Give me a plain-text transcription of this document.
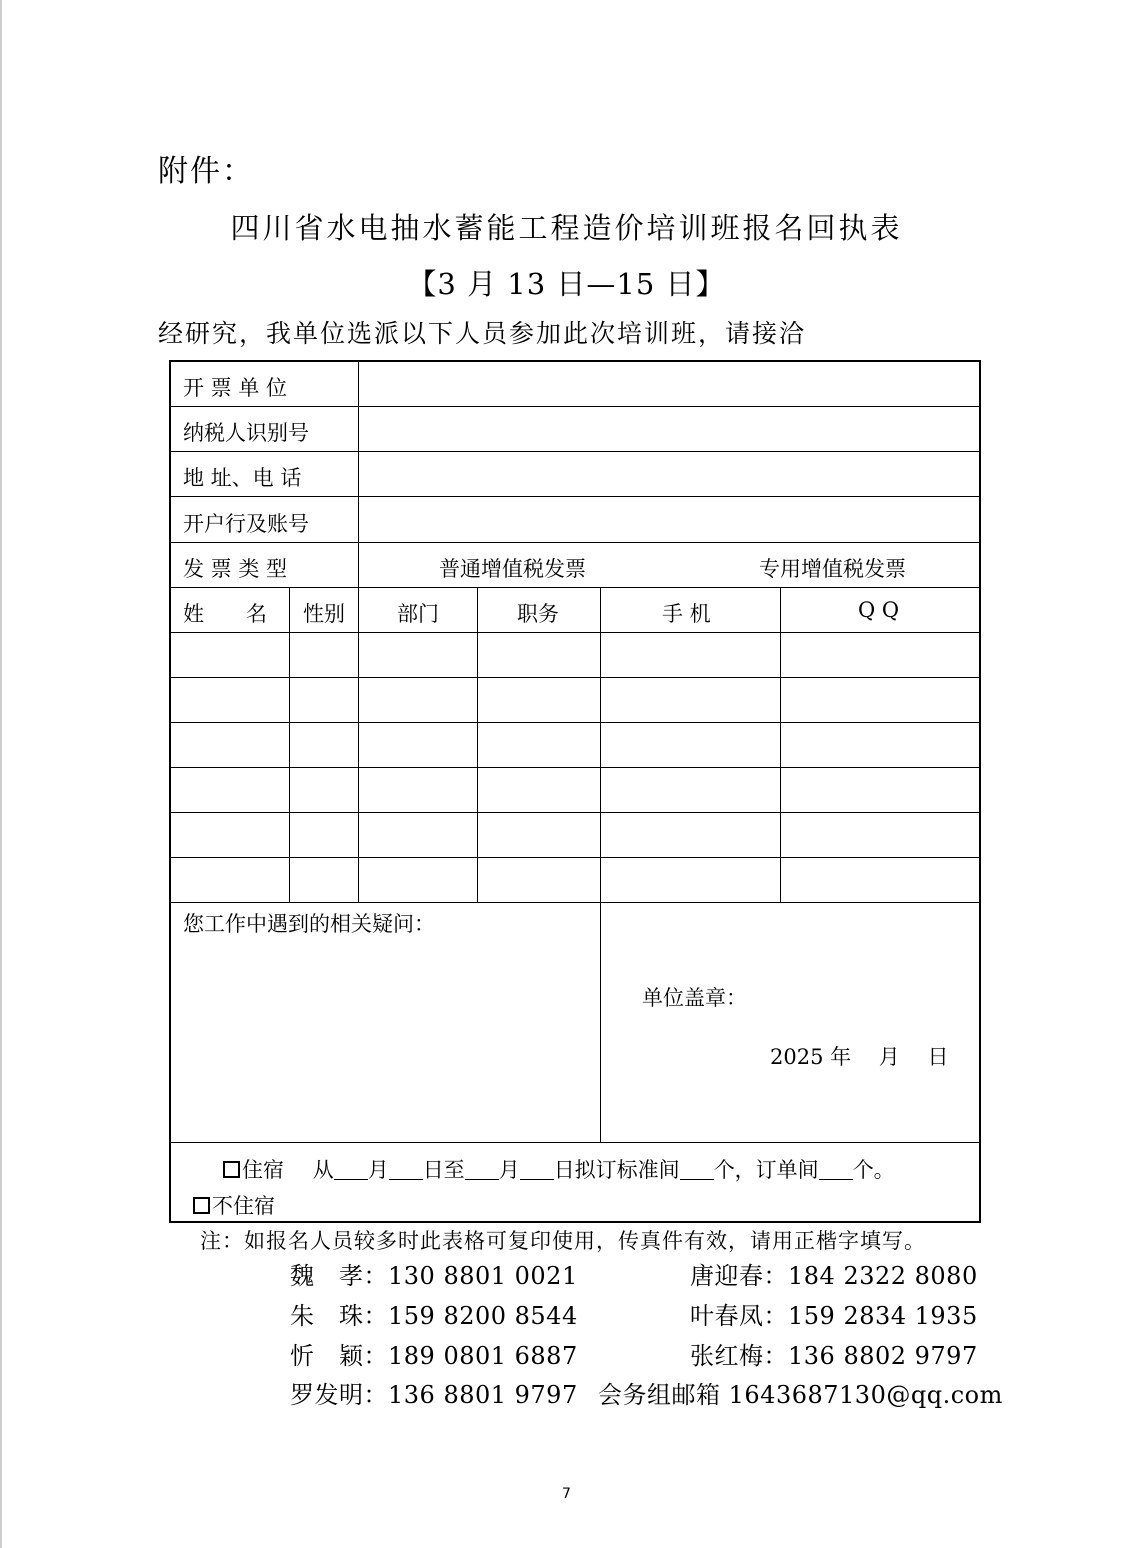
附件：
四川省水电抽水蓄能工程造价培训班报名回执表
【3 月 13 日—15 日】
经研究，我单位选派以下人员参加此次培训班，请接洽
开 票 单 位
纳税人识别号
地 址、电 话
开户行及账号
发 票 类 型	普通增值税发票	专用增值税发票
姓　　名 性别 部门	职务	手 机	Q Q
您工作中遇到的相关疑问：
单位盖章：
2025 年　 月　 日
住宿 从 月 日至 月 日拟订标准间 个，订单间 个。
不住宿
注：如报名人员较多时此表格可复印使用，传真件有效，请用正楷字填写。
魏　孝：130 8801 0021	唐迎春：184 2322 8080
朱　珠：159 8200 8544	叶春凤：159 2834 1935
忻　颖：189 0801 6887	张红梅：136 8802 9797
罗发明：136 8801 9797 会务组邮箱 1643687130@qq.com
7
